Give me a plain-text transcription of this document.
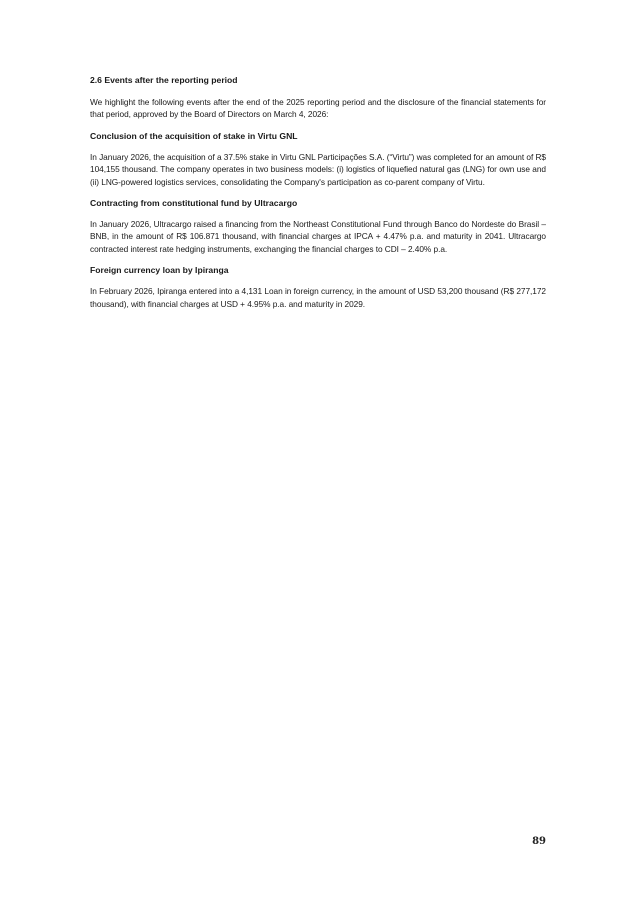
2.6 Events after the reporting period

We highlight the following events after the end of the 2025 reporting period and the disclosure of the financial statements for that period, approved by the Board of Directors on March 4, 2026:

Conclusion of the acquisition of stake in Virtu GNL

In January 2026, the acquisition of a 37.5% stake in Virtu GNL Participações S.A. (“Virtu”) was completed for an amount of R$ 104,155 thousand. The company operates in two business models: (i) logistics of liquefied natural gas (LNG) for own use and (ii) LNG-powered logistics services, consolidating the Company's participation as co-parent company of Virtu.

Contracting from constitutional fund by Ultracargo

In January 2026, Ultracargo raised a financing from the Northeast Constitutional Fund through Banco do Nordeste do Brasil – BNB, in the amount of R$ 106.871 thousand, with financial charges at IPCA + 4.47% p.a. and maturity in 2041. Ultracargo contracted interest rate hedging instruments, exchanging the financial charges to CDI – 2.40% p.a.

Foreign currency loan by Ipiranga

In February 2026, Ipiranga entered into a 4,131 Loan in foreign currency, in the amount of USD 53,200 thousand (R$ 277,172 thousand), with financial charges at USD + 4.95% p.a. and maturity in 2029.

89
